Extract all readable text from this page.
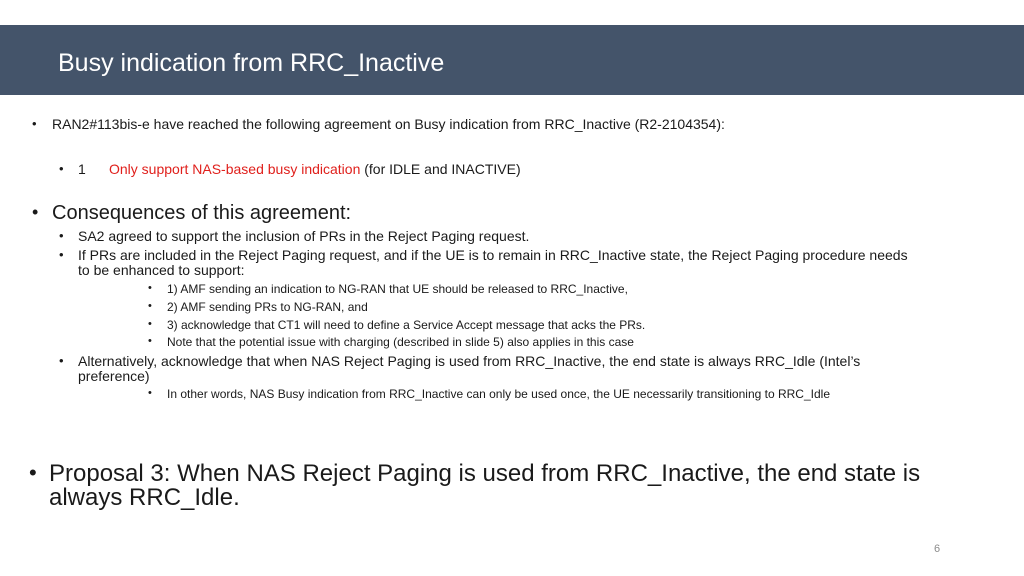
Busy indication from RRC_Inactive
• RAN2#113bis-e have reached the following agreement on Busy indication from RRC_Inactive (R2-2104354):
• 1 Only support NAS-based busy indication (for IDLE and INACTIVE)
• Consequences of this agreement:
• SA2 agreed to support the inclusion of PRs in the Reject Paging request.
• If PRs are included in the Reject Paging request, and if the UE is to remain in RRC_Inactive state, the Reject Paging procedure needs
to be enhanced to support:
• 1) AMF sending an indication to NG-RAN that UE should be released to RRC_Inactive,
• 2) AMF sending PRs to NG-RAN, and
• 3) acknowledge that CT1 will need to define a Service Accept message that acks the PRs.
• Note that the potential issue with charging (described in slide 5) also applies in this case
• Alternatively, acknowledge that when NAS Reject Paging is used from RRC_Inactive, the end state is always RRC_Idle (Intel’s
preference)
• In other words, NAS Busy indication from RRC_Inactive can only be used once, the UE necessarily transitioning to RRC_Idle
• Proposal 3: When NAS Reject Paging is used from RRC_Inactive, the end state is
always RRC_Idle.
6
